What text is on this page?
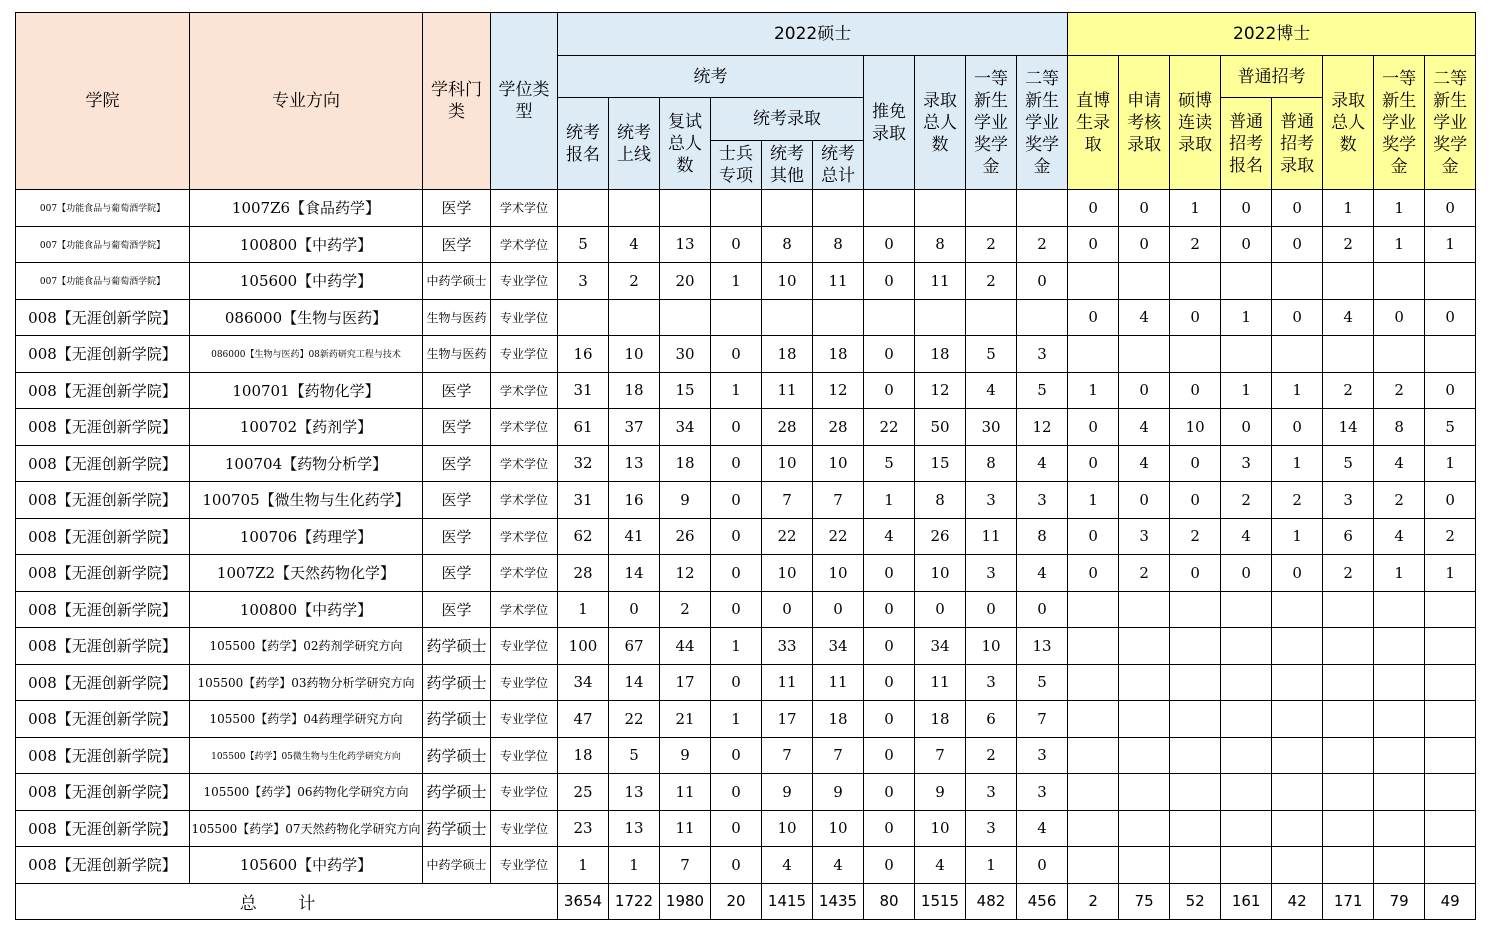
学院	专业方向	学科门类	学位类型	2022硕士										2022博士							
				统考						推免录取	录取总人数	一等新生学业奖学金	二等新生学业奖学金	直博生录取	申请考核录取	硕博连读录取	普通招考		录取总人数	一等新生学业奖学金	二等新生学业奖学金
				统考报名	统考上线	复试总人数	统考录取										普通招考报名	普通招考录取			
							士兵专项	统考其他	统考总计												
007【功能食品与葡萄酒学院】	1007Z6【食品药学】	医学	学术学位											0	0	1	0	0	1	1	0
007【功能食品与葡萄酒学院】	100800【中药学】	医学	学术学位	5	4	13	0	8	8	0	8	2	2	0	0	2	0	0	2	1	1
007【功能食品与葡萄酒学院】	105600【中药学】	中药学硕士	专业学位	3	2	20	1	10	11	0	11	2	0								
008【无涯创新学院】	086000【生物与医药】	生物与医药	专业学位											0	4	0	1	0	4	0	0
008【无涯创新学院】	086000【生物与医药】08新药研究工程与技术	生物与医药	专业学位	16	10	30	0	18	18	0	18	5	3								
008【无涯创新学院】	100701【药物化学】	医学	学术学位	31	18	15	1	11	12	0	12	4	5	1	0	0	1	1	2	2	0
008【无涯创新学院】	100702【药剂学】	医学	学术学位	61	37	34	0	28	28	22	50	30	12	0	4	10	0	0	14	8	5
008【无涯创新学院】	100704【药物分析学】	医学	学术学位	32	13	18	0	10	10	5	15	8	4	0	4	0	3	1	5	4	1
008【无涯创新学院】	100705【微生物与生化药学】	医学	学术学位	31	16	9	0	7	7	1	8	3	3	1	0	0	2	2	3	2	0
008【无涯创新学院】	100706【药理学】	医学	学术学位	62	41	26	0	22	22	4	26	11	8	0	3	2	4	1	6	4	2
008【无涯创新学院】	1007Z2【天然药物化学】	医学	学术学位	28	14	12	0	10	10	0	10	3	4	0	2	0	0	0	2	1	1
008【无涯创新学院】	100800【中药学】	医学	学术学位	1	0	2	0	0	0	0	0	0	0								
008【无涯创新学院】	105500【药学】02药剂学研究方向	药学硕士	专业学位	100	67	44	1	33	34	0	34	10	13								
008【无涯创新学院】	105500【药学】03药物分析学研究方向	药学硕士	专业学位	34	14	17	0	11	11	0	11	3	5								
008【无涯创新学院】	105500【药学】04药理学研究方向	药学硕士	专业学位	47	22	21	1	17	18	0	18	6	7								
008【无涯创新学院】	105500【药学】05微生物与生化药学研究方向	药学硕士	专业学位	18	5	9	0	7	7	0	7	2	3								
008【无涯创新学院】	105500【药学】06药物化学研究方向	药学硕士	专业学位	25	13	11	0	9	9	0	9	3	3								
008【无涯创新学院】	105500【药学】07天然药物化学研究方向	药学硕士	专业学位	23	13	11	0	10	10	0	10	3	4								
008【无涯创新学院】	105600【中药学】	中药学硕士	专业学位	1	1	7	0	4	4	0	4	1	0								
总 计				3654	1722	1980	20	1415	1435	80	1515	482	456	2	75	52	161	42	171	79	49
